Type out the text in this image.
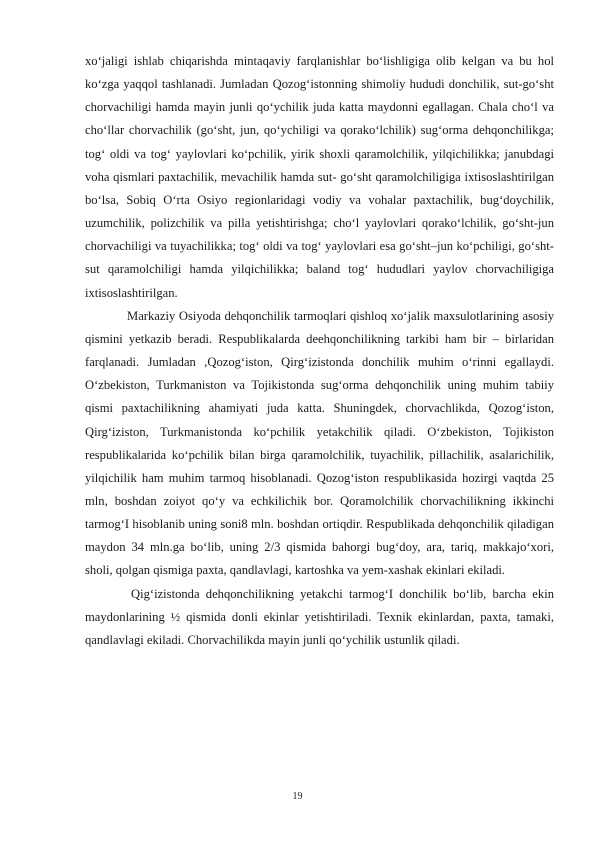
xo‘jaligi ishlab chiqarishda mintaqaviy farqlanishlar bo‘lishligiga olib kelgan va bu hol ko‘zga yaqqol tashlanadi. Jumladan Qozog‘istonning shimoliy hududi donchilik, sut-go‘sht chorvachiligi hamda mayin junli qo‘ychilik juda katta maydonni egallagan. Chala cho‘l va cho‘llar chorvachilik (go‘sht, jun, qo‘ychiligi va qorako‘lchilik) sug‘orma dehqonchilikga; tog‘ oldi va tog‘ yaylovlari ko‘pchilik, yirik shoxli qaramolchilik, yilqichilikka; janubdagi voha qismlari paxtachilik, mevachilik hamda sut- go‘sht qaramolchiligiga ixtisoslashtirilgan bo‘lsa, Sobiq O‘rta Osiyo regionlaridagi vodiy va vohalar paxtachilik, bug‘doychilik, uzumchilik, polizchilik va pilla yetishtirishga; cho‘l yaylovlari qorako‘lchilik, go‘sht-jun chorvachiligi va tuyachilikka; tog‘ oldi va tog‘ yaylovlari esa go‘sht–jun ko‘pchiligi, go‘sht-sut qaramolchiligi hamda yilqichilikka; baland tog‘ hududlari yaylov chorvachiligiga ixtisoslashtirilgan.

Markaziy Osiyoda dehqonchilik tarmoqlari qishloq xo‘jalik maxsulotlarining asosiy qismini yetkazib beradi. Respublikalarda deehqonchilikning tarkibi ham bir – birlaridan farqlanadi. Jumladan ,Qozog‘iston, Qirg‘izistonda donchilik muhim o‘rinni egallaydi. O‘zbekiston, Turkmaniston va Tojikistonda sug‘orma dehqonchilik uning muhim tabiiy qismi paxtachilikning ahamiyati juda katta. Shuningdek, chorvachlikda, Qozog‘iston, Qirg‘iziston, Turkmanistonda ko‘pchilik yetakchilik qiladi. O‘zbekiston, Tojikiston respublikalarida ko‘pchilik bilan birga qaramolchilik, tuyachilik, pillachilik, asalarichilik, yilqichilik ham muhim tarmoq hisoblanadi. Qozog‘iston respublikasida hozirgi vaqtda 25 mln, boshdan zoiyot qo‘y va echkilichik bor. Qoramolchilik chorvachilikning ikkinchi tarmog‘I hisoblanib uning soni8 mln. boshdan ortiqdir. Respublikada dehqonchilik qiladigan maydon 34 mln.ga bo‘lib, uning 2/3 qismida bahorgi bug‘doy, ara, tariq, makkajo‘xori, sholi, qolgan qismiga paxta, qandlavlagi, kartoshka va yem-xashak ekinlari ekiladi.

Qig‘izistonda dehqonchilikning yetakchi tarmog‘I donchilik bo‘lib, barcha ekin maydonlarining ½ qismida donli ekinlar yetishtiriladi. Texnik ekinlardan, paxta, tamaki, qandlavlagi ekiladi. Chorvachilikda mayin junli qo‘ychilik ustunlik qiladi.

19
